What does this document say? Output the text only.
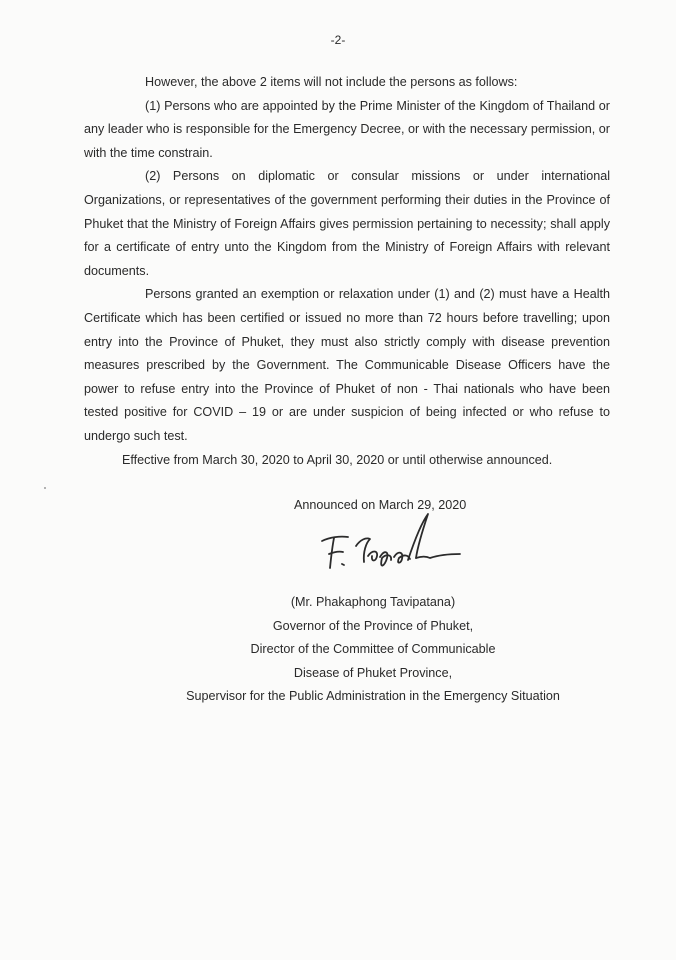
-2-

However, the above 2 items will not include the persons as follows:

(1) Persons who are appointed by the Prime Minister of the Kingdom of Thailand or any leader who is responsible for the Emergency Decree, or with the necessary permission, or with the time constrain.

(2) Persons on diplomatic or consular missions or under international Organizations, or representatives of the government performing their duties in the Province of Phuket that the Ministry of Foreign Affairs gives permission pertaining to necessity; shall apply for a certificate of entry unto the Kingdom from the Ministry of Foreign Affairs with relevant documents.

Persons granted an exemption or relaxation under (1) and (2) must have a Health Certificate which has been certified or issued no more than 72 hours before travelling; upon entry into the Province of Phuket, they must also strictly comply with disease prevention measures prescribed by the Government. The Communicable Disease Officers have the power to refuse entry into the Province of Phuket of non - Thai nationals who have been tested positive for COVID – 19 or are under suspicion of being infected or who refuse to undergo such test.

Effective from March 30, 2020 to April 30, 2020 or until otherwise announced.

Announced on March 29, 2020
(Mr. Phakaphong Tavipatana)
Governor of the Province of Phuket,
Director of the Committee of Communicable
Disease of Phuket Province,
Supervisor for the Public Administration in the Emergency Situation
